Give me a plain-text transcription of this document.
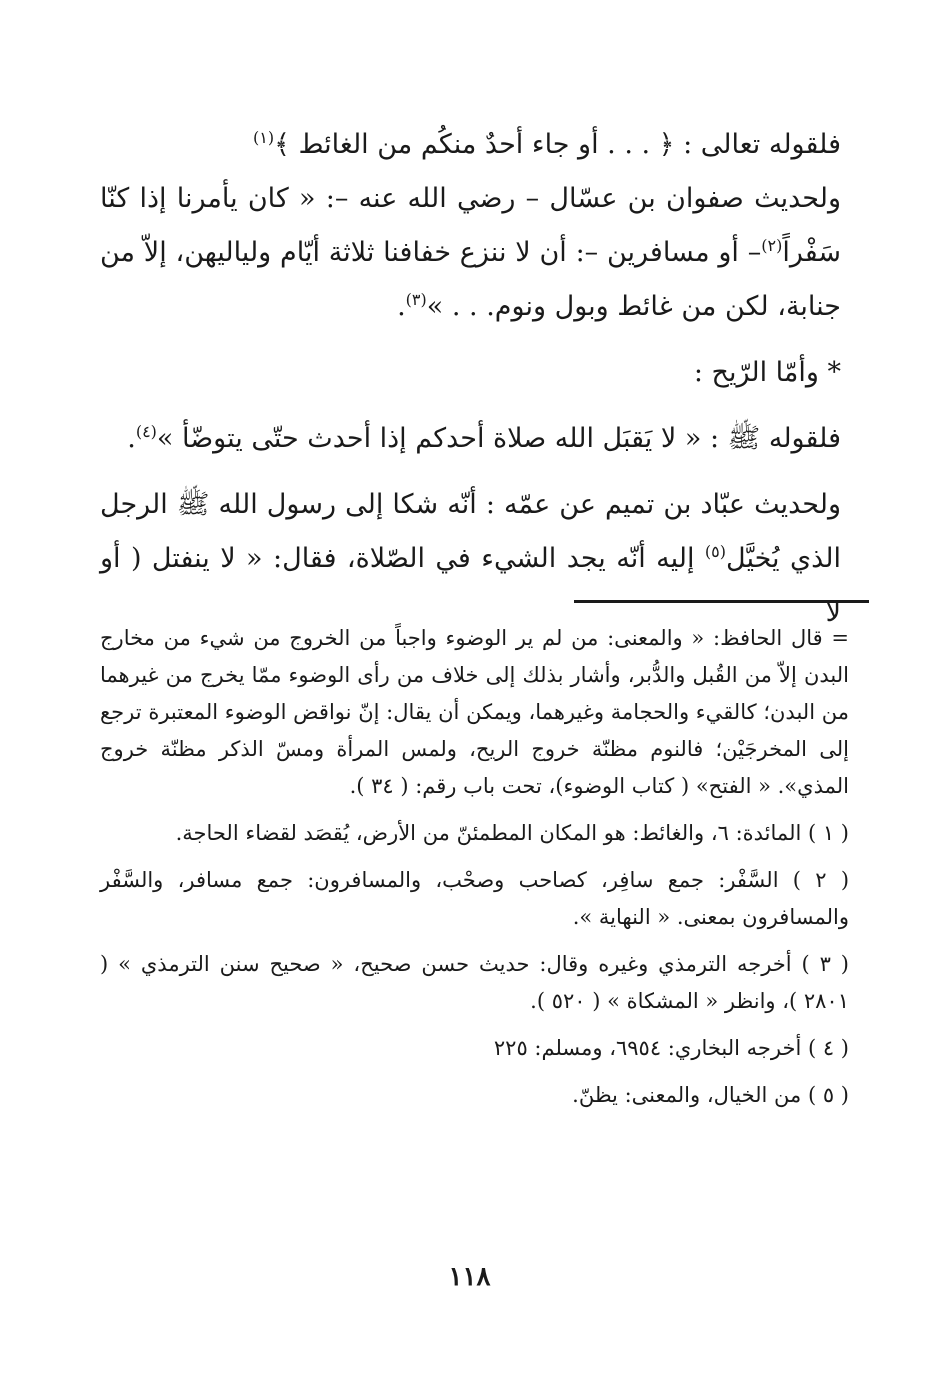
فلقوله تعالى : ﴿ . . . أو جاء أحدٌ منكُم من الغائط ﴾$^{(١)}$

ولحديث صفوان بن عسّال – رضي الله عنه –: « كان يأمرنا إذا كنّا سَفْراً$^{(٢)}$– أو مسافرين –: أن لا ننزع خفافنا ثلاثة أيّام ولياليهن، إلاّ من جنابة، لكن من غائط وبول ونوم. . . »$^{(٣)}$.

* وأمّا الرّيح :

فلقوله ﷺ : « لا يَقبَل الله صلاة أحدكم إذا أحدث حتّى يتوضّأ »$^{(٤)}$.

ولحديث عبّاد بن تميم عن عمّه : أنّه شكا إلى رسول الله ﷺ الرجل الذي يُخيَّل$^{(٥)}$ إليه أنّه يجد الشيء في الصّلاة، فقال: « لا ينفتل ( أو لا

= قال الحافظ: « والمعنى: من لم ير الوضوء واجباً من الخروج من شيء من مخارج البدن إلاّ من القُبل والدُّبر، وأشار بذلك إلى خلاف من رأى الوضوء ممّا يخرج من غيرهما من البدن؛ كالقيء والحجامة وغيرهما، ويمكن أن يقال: إنّ نواقض الوضوء المعتبرة ترجع إلى المخرجَيْن؛ فالنوم مظنّة خروج الريح، ولمس المرأة ومسّ الذكر مظنّة خروج المذي». « الفتح» ( كتاب الوضوء)، تحت باب رقم: ( ٣٤ ).

( ١ ) المائدة: ٦، والغائط: هو المكان المطمئنّ من الأرض، يُقصَد لقضاء الحاجة.

( ٢ ) السَّفْر: جمع سافِر، كصاحب وصحْب، والمسافرون: جمع مسافر، والسَّفْر والمسافرون بمعنى. « النهاية ».

( ٣ ) أخرجه الترمذي وغيره وقال: حديث حسن صحيح، « صحيح سنن الترمذي » ( ٢٨٠١ )، وانظر « المشكاة » ( ٥٢٠ ).

( ٤ ) أخرجه البخاري: ٦٩٥٤، ومسلم: ٢٢٥

( ٥ ) من الخيال، والمعنى: يظنّ.

١١٨
